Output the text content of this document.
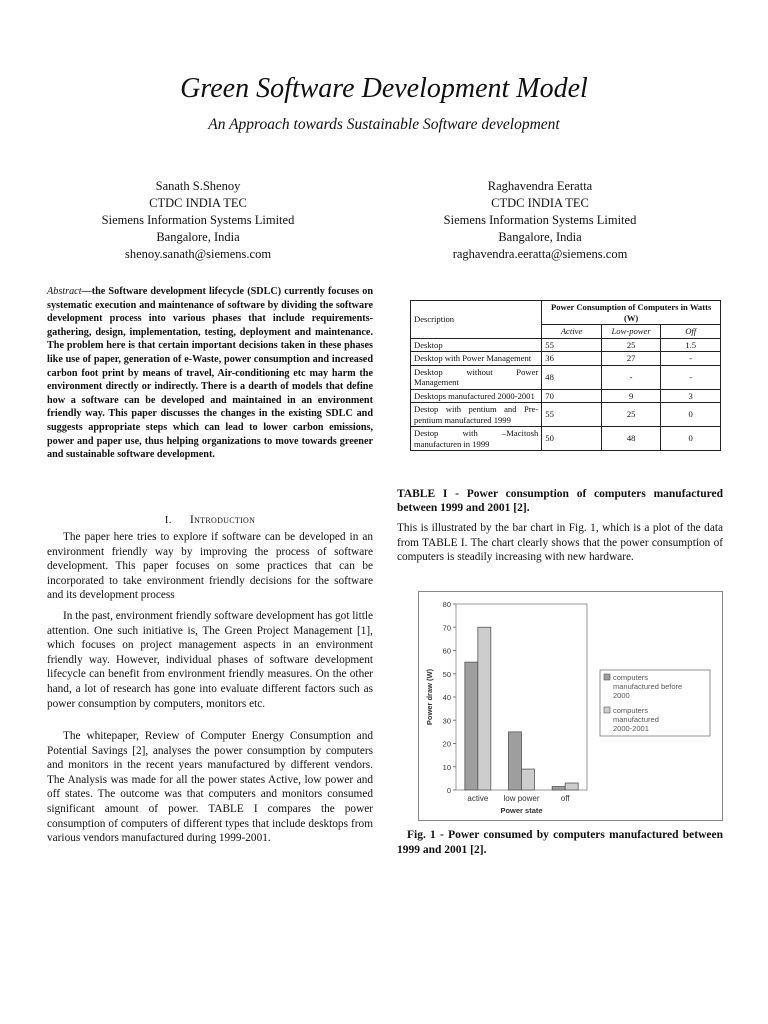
Green Software Development Model
An Approach towards Sustainable Software development
Sanath S.Shenoy
CTDC INDIA TEC
Siemens Information Systems Limited
Bangalore, India
shenoy.sanath@siemens.com
Raghavendra Eeratta
CTDC INDIA TEC
Siemens Information Systems Limited
Bangalore, India
raghavendra.eeratta@siemens.com
Abstract—the Software development lifecycle (SDLC) currently focuses on systematic execution and maintenance of software by dividing the software development process into various phases that include requirements-gathering, design, implementation, testing, deployment and maintenance. The problem here is that certain important decisions taken in these phases like use of paper, generation of e-Waste, power consumption and increased carbon foot print by means of travel, Air-conditioning etc may harm the environment directly or indirectly. There is a dearth of models that define how a software can be developed and maintained in an environment friendly way. This paper discusses the changes in the existing SDLC and suggests appropriate steps which can lead to lower carbon emissions, power and paper use, thus helping organizations to move towards greener and sustainable software development.
I. Introduction
The paper here tries to explore if software can be developed in an environment friendly way by improving the process of software development. This paper focuses on some practices that can be incorporated to take environment friendly decisions for the software and its development process
In the past, environment friendly software development has got little attention. One such initiative is, The Green Project Management [1], which focuses on project management aspects in an environment friendly way. However, individual phases of software development lifecycle can benefit from environment friendly measures. On the other hand, a lot of research has gone into evaluate different factors such as power consumption by computers, monitors etc.
The whitepaper, Review of Computer Energy Consumption and Potential Savings [2], analyses the power consumption by computers and monitors in the recent years manufactured by different vendors. The Analysis was made for all the power states Active, low power and off states. The outcome was that computers and monitors consumed significant amount of power. TABLE I compares the power consumption of computers of different types that include desktops from various vendors manufactured during 1999-2001.
Description	Power Consumption of Computers in Watts (W)		
	Active	Low-power	Off
Desktop	55	25	1.5
Desktop with Power Management	36	27	-
Desktop without Power Management	48	-	-
Desktops manufactured 2000-2001	70	9	3
Destop with pentium and Pre-pentium manufactured 1999	55	25	0
Destop with –Macitosh manufacturen in 1999	50	48	0
TABLE I - Power consumption of computers manufactured between 1999 and 2001 [2].
This is illustrated by the bar chart in Fig. 1, which is a plot of the data from TABLE I. The chart clearly shows that the power consumption of computers is steadily increasing with new hardware.
0
10
20
30
40
50
60
70
80
active low power	off
Power state
Power draw (W)	computers
manufactured before
2000
computers
manufactured
2000-2001
Fig. 1 - Power consumed by computers manufactured between 1999 and 2001 [2].
